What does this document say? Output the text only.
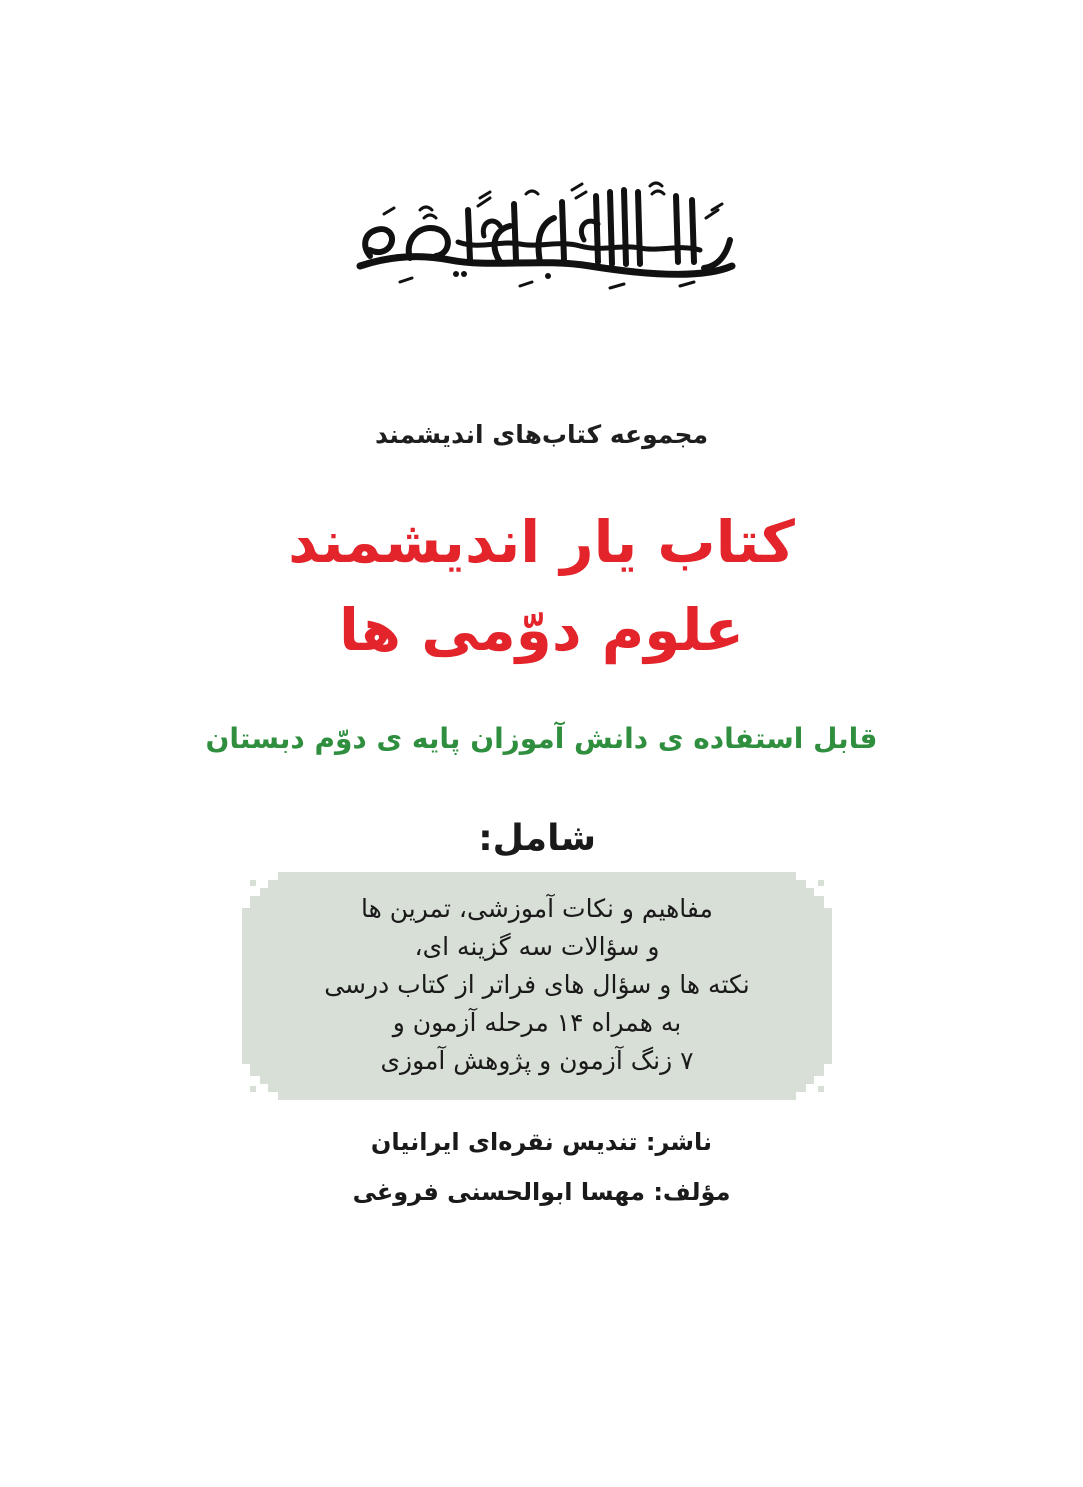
مجموعه کتاب‌های اندیشمند
کتاب یار اندیشمند
علوم دوّمی ها
قابل استفاده ی دانش آموزان پایه ی دوّم دبستان
شامل:
مفاهیم و نکات آموزشی، تمرین ها
و سؤالات سه گزینه ای،
نکته ها و سؤال های فراتر از کتاب درسی
به همراه ۱۴ مرحله آزمون و
۷ زنگ آزمون و پژوهش آموزی
ناشر: تندیس نقره‌ای ایرانیان
مؤلف: مهسا ابوالحسنی فروغی
